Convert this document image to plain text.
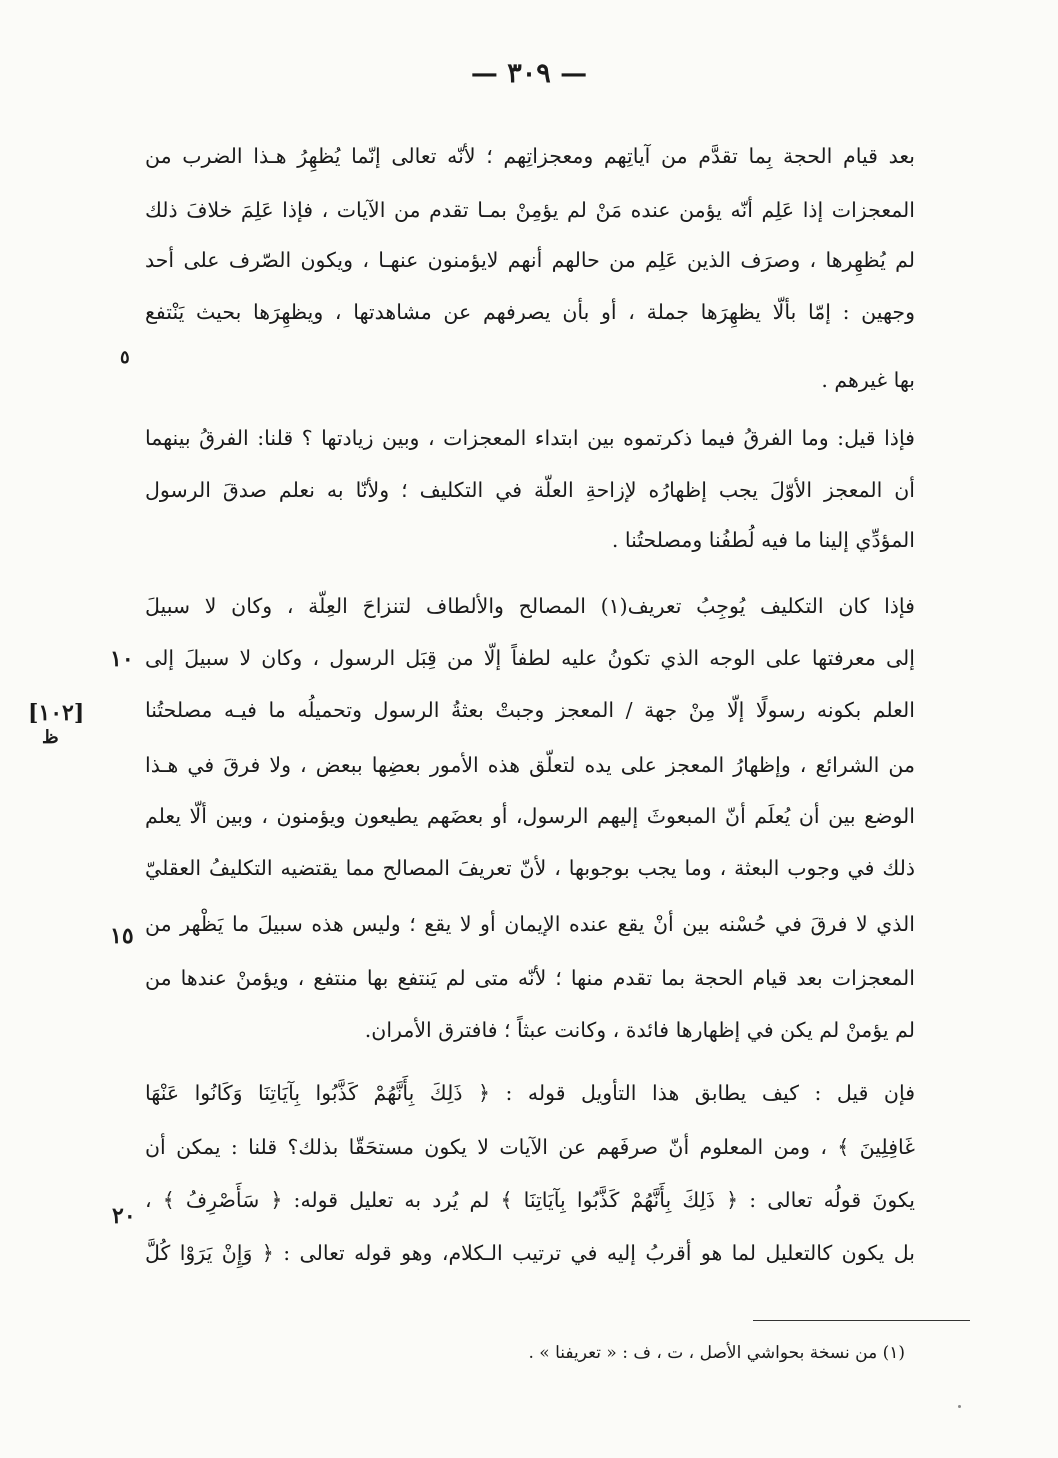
— ٣٠٩ —
بعد قيام الحجة بِما تقدَّم من آياتِهم ومعجزاتِهم ؛ لأنّه تعالى إنّما يُظهِرُ هـذا الضرب من
المعجزات إذا عَلِم أنّه يؤمن عنده مَنْ لم يؤمِنْ بمـا تقدم من الآيات ، فإذا عَلِمَ خلافَ ذلك
لم يُظهِرها ، وصرَف الذين عَلِم من حالهم أنهم لايؤمنون عنهـا ، ويكون الصّرف على أحد
وجهين : إمّا بألّا يظهِرَها جملة ، أو بأن يصرفهم عن مشاهدتها ، ويظهِرَها بحيث يَنْتفع
بها غيرهم .
فإذا قيل: وما الفرقُ فيما ذكرتموه بين ابتداء المعجزات ، وبين زيادتها ؟ قلنا: الفرقُ بينهما
أن المعجز الأوّلَ يجب إظهارُه لإزاحةِ العلّة في التكليف ؛ ولأنّا به نعلم صدقَ الرسول
المؤدِّي إلينا ما فيه لُطفُنا ومصلحتُنا .
فإذا كان التكليف يُوجِبُ تعريف(١) المصالح والألطاف لتنزاحَ العِلّة ، وكان لا سبيلَ
إلى معرفتها على الوجه الذي تكونُ عليه لطفاً إلّا من قِبَل الرسول ، وكان لا سبيلَ إلى
العلم بكونه رسولًا إلّا مِنْ جهة / المعجز وجبتْ بعثةُ الرسول وتحميلُه ما فيـه مصلحتُنا
من الشرائع ، وإظهارُ المعجز على يده لتعلّق هذه الأمور بعضِها ببعض ، ولا فرقَ في هـذا
الوضع بين أن يُعلَم أنّ المبعوثَ إليهم الرسول، أو بعضَهم يطيعون ويؤمنون ، وبين ألّا يعلم
ذلك في وجوب البعثة ، وما يجب بوجوبها ، لأنّ تعريفَ المصالح مما يقتضيه التكليفُ العقليّ
الذي لا فرقَ في حُسْنه بين أنْ يقع عنده الإيمان أو لا يقع ؛ وليس هذه سبيلَ ما يَظْهر من
المعجزات بعد قيام الحجة بما تقدم منها ؛ لأنّه متى لم يَنتفع بها منتفع ، ويؤمنْ عندها من
لم يؤمنْ لم يكن في إظهارها فائدة ، وكانت عبثاً ؛ فافترق الأمران.
فإن قيل : كيف يطابق هذا التأويل قوله : ﴿ ذَلِكَ بِأَنَّهُمْ كَذَّبُوا بِآيَاتِنَا وَكَانُوا عَنْهَا
غَافِلِينَ ﴾ ، ومن المعلوم أنّ صرفَهم عن الآيات لا يكون مستحَقّا بذلك؟ قلنا : يمكن أن
يكونَ قولُه تعالى : ﴿ ذَلِكَ بِأَنَّهُمْ كَذَّبُوا بِآيَاتِنَا ﴾ لم يُرد به تعليل قوله: ﴿ سَأَصْرِفُ ﴾ ،
بل يكون كالتعليل لما هو أقربُ إليه في ترتيب الـكلام، وهو قوله تعالى : ﴿ وَإِنْ يَرَوْا كُلَّ
٥
١٠
[١٠٢]
ظ
١٥
٢٠
(١) من نسخة بحواشي الأصل ، ت ، ف : « تعريفنا » .
